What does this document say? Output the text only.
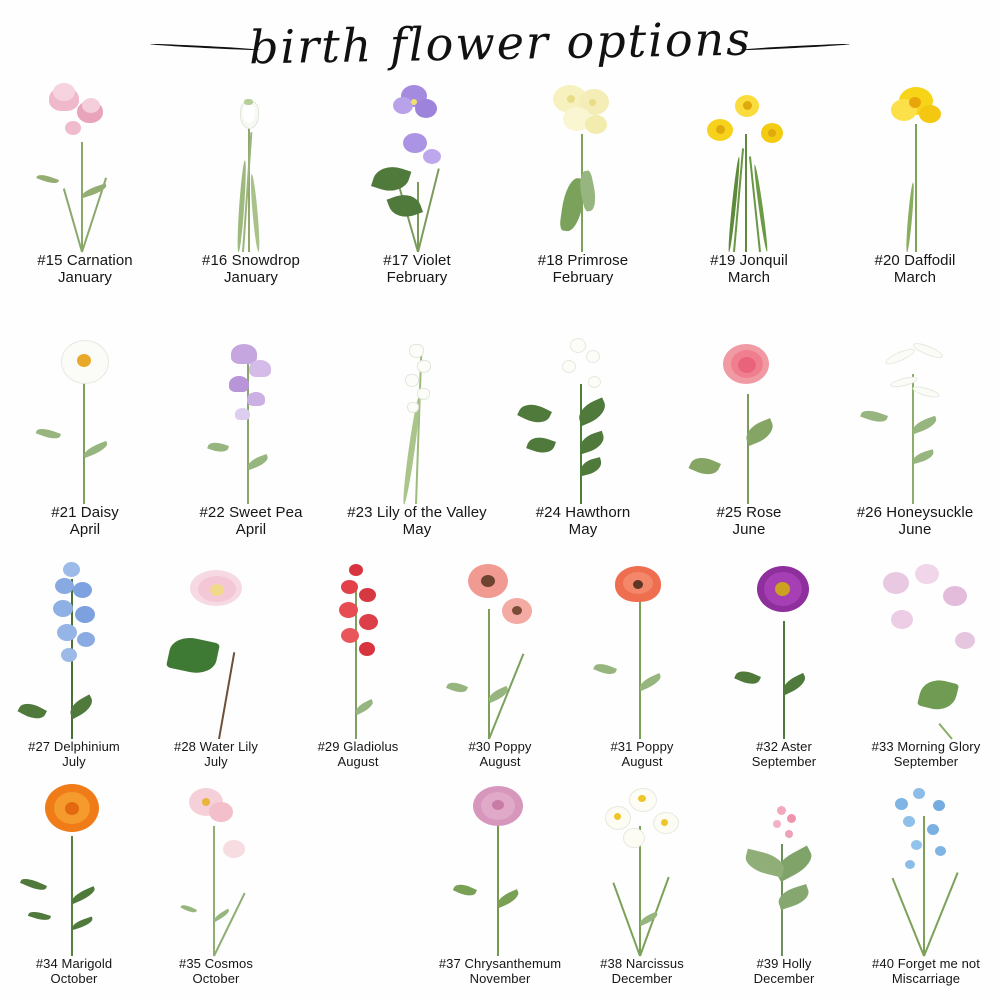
birth flower options
#15 Carnation
January
#16 Snowdrop
January
#17 Violet
February
#18 Primrose
February
#19 Jonquil
March
#20 Daffodil
March
#21 Daisy
April
#22 Sweet Pea
April
#23 Lily of the Valley
May
#24 Hawthorn
May
#25 Rose
June
#26 Honeysuckle
June
#27 Delphinium
July
#28 Water Lily
July
#29 Gladiolus
August
#30 Poppy
August
#31 Poppy
August
#32 Aster
September
#33 Morning Glory
September
#34 Marigold
October
#35 Cosmos
October
#37 Chrysanthemum
November
#38 Narcissus
December
#39 Holly
December
#40 Forget me not
Miscarriage
